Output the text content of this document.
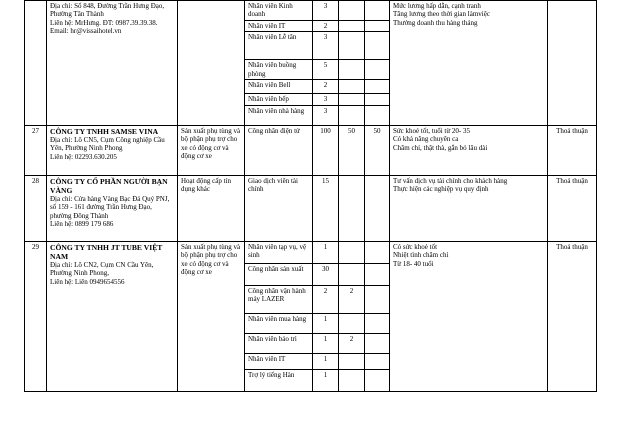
	Địa chỉ: Số 848, Đường Trần Hưng Đạo, Phường Tân Thành
Liên hệ: MrHưng. ĐT: 0987.39.39.38.
Email: hr@vissaihotel.vn		Nhân viên Kinh doanh	3			Mức lương hấp dẫn, cạnh tranh
Tăng lương theo thời gian làmviệc
Thưởng doanh thu hàng tháng	

			Nhân viên IT	2				
			Nhân viên Lễ tân	3				
			Nhân viên buồng phòng	5				
			Nhân viên Bell	2				
			Nhân viên bếp	3				
			Nhân viên nhà hàng	3				
27	CÔNG TY TNHH SAMSE VINA
Địa chỉ: Lô CN5, Cụm Công nghiệp Cầu Yên, Phường Ninh Phong
Liên hệ: 02293.630.205	Sản xuất phụ tùng và bộ phận phụ trợ cho xe có động cơ và động cơ xe	Công nhân điện tử	100	50	50	Sức khoẻ tốt, tuổi từ 20- 35
Có khả năng chuyên ca
Chăm chỉ, thật thà, gắn bó lâu dài	Thoả thuận
28	CÔNG TY CỔ PHẦN NGƯỜI BẠN VÀNG
Địa chỉ: Cửa hàng Vàng Bạc Đá Quý PNJ, số 159 - 161 đường Trần Hưng Đạo, phường Đông Thành
Liên hệ: 0899 179 686	Hoạt động cấp tín dụng khác	Giao dịch viên tài chính	15			Tư vấn dịch vụ tài chính cho khách hàng
Thực hiện các nghiệp vụ quy định	Thoả thuận
29	CÔNG TY TNHH JT TUBE VIỆT NAM
Địa chỉ: Lô CN2, Cụm CN Cầu Yên, Phường Ninh Phong,
Liên hệ: Liên 0949654556	Sản xuất phụ tùng và bộ phận phụ trợ cho xe có động cơ và động cơ xe	Nhân viên tạp vụ, vệ sinh	1			Có sức khoẻ tốt
Nhiệt tình chăm chỉ
Từ 18- 40 tuổi	Thoả thuận
			Công nhân sản xuất	30				
			Công nhân vận hành máy LAZER	2	2			
			Nhân viên mua hàng	1				
			Nhân viên bảo trì	1	2			
			Nhân viên IT	1				
			Trợ lý tiếng Hàn	1				
